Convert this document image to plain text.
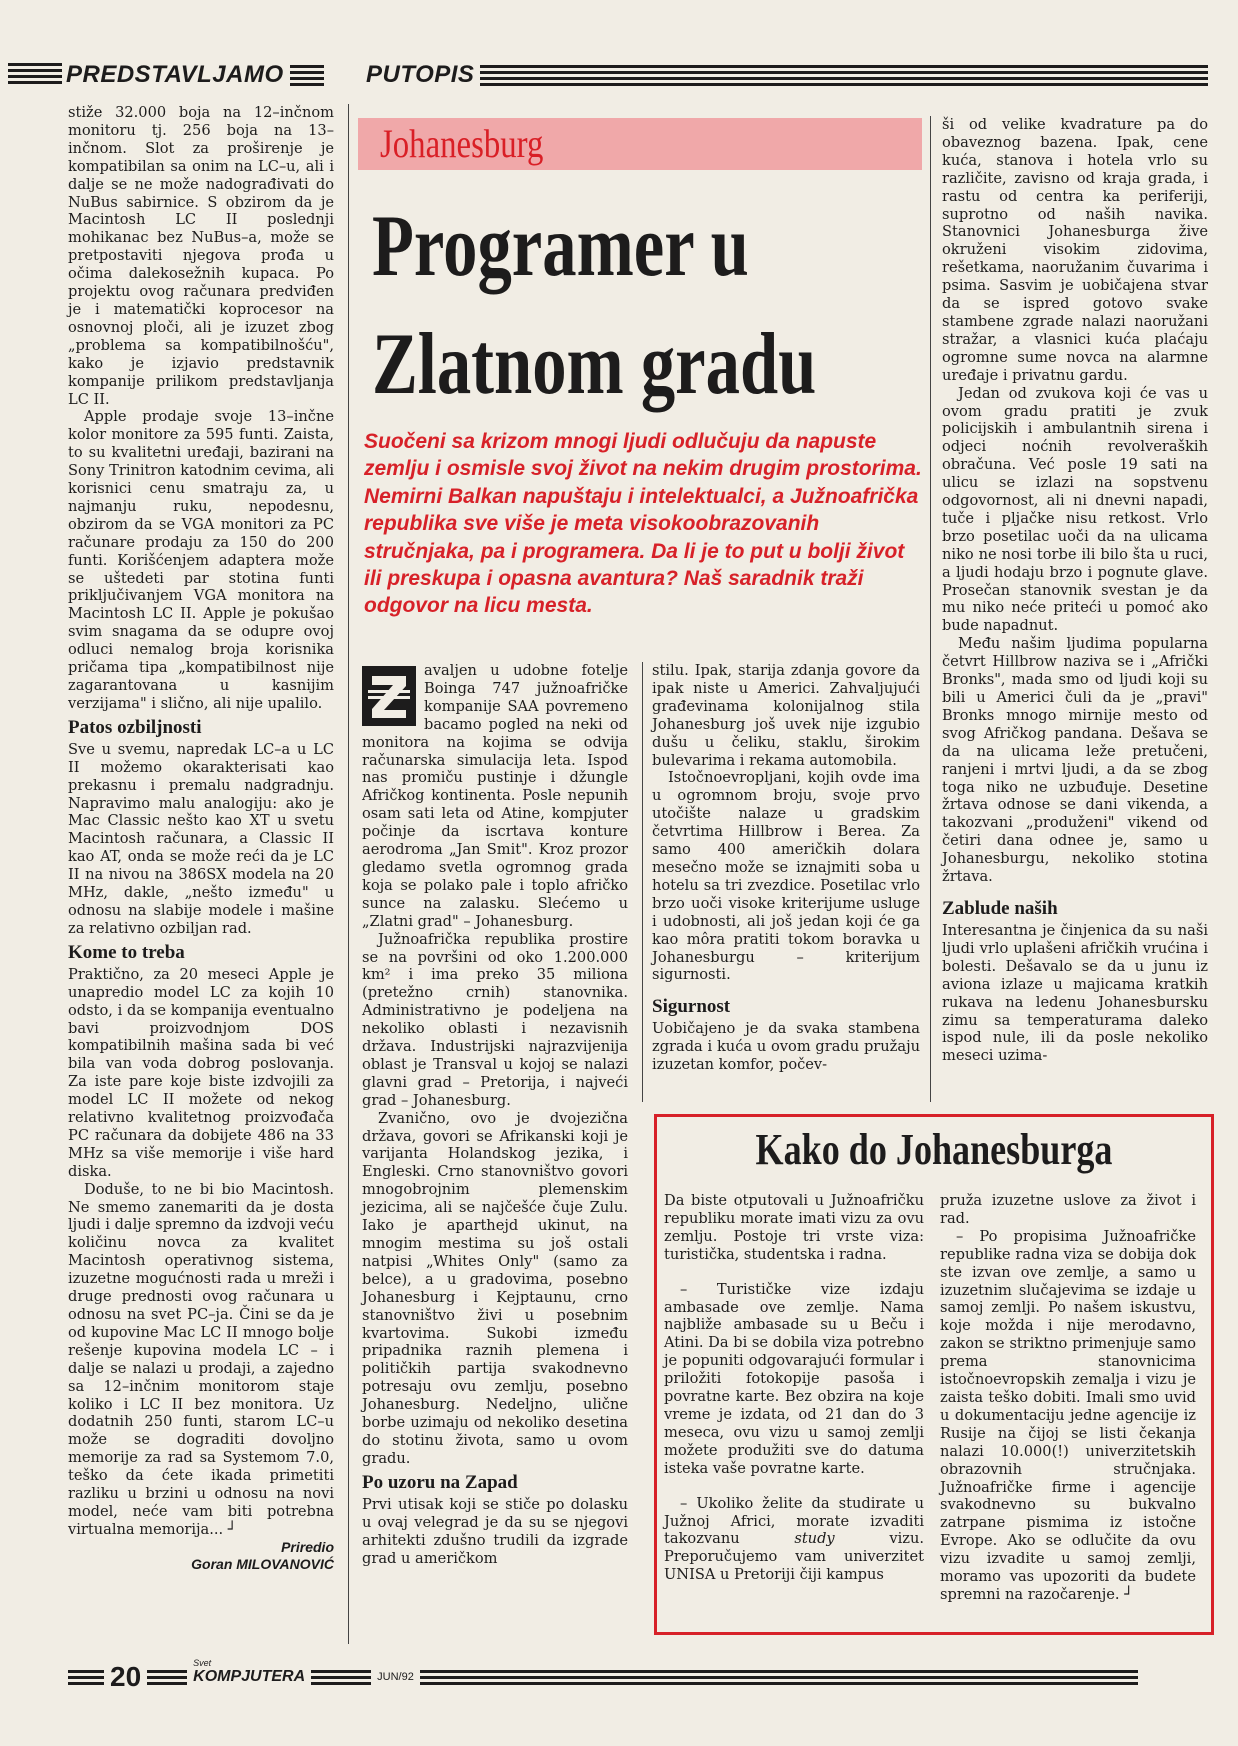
PREDSTAVLJAMO	PUTOPIS

stiže 32.000 boja na 12–inčnom monitoru tj. 256 boja na 13–inčnom. Slot za proširenje je kompatibilan sa onim na LC–u, ali i dalje se ne može nadograđivati do NuBus sabirnice. S obzirom da je Macintosh LC II poslednji mohikanac bez NuBus–a, može se pretpostaviti njegova prođa u očima dalekosežnih kupaca. Po projektu ovog računara predviđen je i matematički koprocesor na osnovnoj ploči, ali je izuzet zbog „problema sa kompatibilnošću", kako je izjavio predstavnik kompanije prilikom predstavljanja LC II.

Apple prodaje svoje 13–inčne kolor monitore za 595 funti. Zaista, to su kvalitetni uređaji, bazirani na Sony Trinitron katodnim cevima, ali korisnici cenu smatraju za, u najmanju ruku, nepodesnu, obzirom da se VGA monitori za PC računare prodaju za 150 do 200 funti. Korišćenjem adaptera može se uštedeti par stotina funti priključivanjem VGA monitora na Macintosh LC II. Apple je pokušao svim snagama da se odupre ovoj odluci nemalog broja korisnika pričama tipa „kompatibilnost nije zagarantovana u kasnijim verzijama" i slično, ali nije upalilo.

Patos ozbiljnosti

Sve u svemu, napredak LC–a u LC II možemo okarakterisati kao prekasnu i premalu nadgradnju. Napravimo malu analogiju: ako je Mac Classic nešto kao XT u svetu Macintosh računara, a Classic II kao AT, onda se može reći da je LC II na nivou na 386SX modela na 20 MHz, dakle, „nešto između" u odnosu na slabije modele i mašine za relativno ozbiljan rad.

Kome to treba

Praktično, za 20 meseci Apple je unapredio model LC za kojih 10 odsto, i da se kompanija eventualno bavi proizvodnjom DOS kompatibilnih mašina sada bi već bila van voda dobrog poslovanja. Za iste pare koje biste izdvojili za model LC II možete od nekog relativno kvalitetnog proizvođača PC računara da dobijete 486 na 33 MHz sa više memorije i više hard diska.

Doduše, to ne bi bio Macintosh. Ne smemo zanemariti da je dosta ljudi i dalje spremno da izdvoji veću količinu novca za kvalitet Macintosh operativnog sistema, izuzetne mogućnosti rada u mreži i druge prednosti ovog računara u odnosu na svet PC–ja. Čini se da je od kupovine Mac LC II mnogo bolje rešenje kupovina modela LC – i dalje se nalazi u prodaji, a zajedno sa 12–inčnim monitorom staje koliko i LC II bez monitora. Uz dodatnih 250 funti, starom LC–u može se dograditi dovoljno memorije za rad sa Systemom 7.0, teško da ćete ikada primetiti razliku u brzini u odnosu na novi model, neće vam biti potrebna virtualna memorija... ┘

Priredio
Goran MILOVANOVIĆ
Johanesburg
Programer u
Zlatnom gradu
Suočeni sa krizom mnogi ljudi odlučuju da napuste zemlju i osmisle svoj život na nekim drugim prostorima. Nemirni Balkan napuštaju i intelektualci, a Južnoafrička republika sve više je meta visokoobrazovanih stručnjaka, pa i programera. Da li je to put u bolji život ili preskupa i opasna avantura? Naš saradnik traži odgovor na licu mesta.

avaljen u udobne fotelje Boinga 747 južnoafričke kompanije SAA povremeno bacamo pogled na neki od monitora na kojima se odvija računarska simulacija leta. Ispod nas promiču pustinje i džungle Afričkog kontinenta. Posle nepunih osam sati leta od Atine, kompjuter počinje da iscrtava konture aerodroma „Jan Smit". Kroz prozor gledamo svetla ogromnog grada koja se polako pale i toplo afričko sunce na zalasku. Slećemo u „Zlatni grad" – Johanesburg.

Južnoafrička republika prostire se na površini od oko 1.200.000 km² i ima preko 35 miliona (pretežno crnih) stanovnika. Administrativno je podeljena na nekoliko oblasti i nezavisnih država. Industrijski najrazvijenija oblast je Transval u kojoj se nalazi glavni grad – Pretorija, i najveći grad – Johanesburg.

Zvanično, ovo je dvojezična država, govori se Afrikanski koji je varijanta Holandskog jezika, i Engleski. Crno stanovništvo govori mnogobrojnim plemenskim jezicima, ali se najčešće čuje Zulu. Iako je aparthejd ukinut, na mnogim mestima su još ostali natpisi „Whites Only" (samo za belce), a u gradovima, posebno Johanesburg i Kejptaunu, crno stanovništvo živi u posebnim kvartovima. Sukobi između pripadnika raznih plemena i političkih partija svakodnevno potresaju ovu zemlju, posebno Johanesburg. Nedeljno, ulične borbe uzimaju od nekoliko desetina do stotinu života, samo u ovom gradu.

Po uzoru na Zapad

Prvi utisak koji se stiče po dolasku u ovaj velegrad je da su se njegovi arhitekti zdušno trudili da izgrade grad u američkom

stilu. Ipak, starija zdanja govore da ipak niste u Americi. Zahvaljujući građevinama kolonijalnog stila Johanesburg još uvek nije izgubio dušu u čeliku, staklu, širokim bulevarima i rekama automobila.

Istočnoevropljani, kojih ovde ima u ogromnom broju, svoje prvo utočište nalaze u gradskim četvrtima Hillbrow i Berea. Za samo 400 američkih dolara mesečno može se iznajmiti soba u hotelu sa tri zvezdice. Posetilac vrlo brzo uoči visoke kriterijume usluge i udobnosti, ali još jedan koji će ga kao môra pratiti tokom boravka u Johanesburgu – kriterijum sigurnosti.

Sigurnost

Uobičajeno je da svaka stambena zgrada i kuća u ovom gradu pružaju izuzetan komfor, počev-

ši od velike kvadrature pa do obaveznog bazena. Ipak, cene kuća, stanova i hotela vrlo su različite, zavisno od kraja grada, i rastu od centra ka periferiji, suprotno od naših navika. Stanovnici Johanesburga žive okruženi visokim zidovima, rešetkama, naoružanim čuvarima i psima. Sasvim je uobičajena stvar da se ispred gotovo svake stambene zgrade nalazi naoružani stražar, a vlasnici kuća plaćaju ogromne sume novca na alarmne uređaje i privatnu gardu.

Jedan od zvukova koji će vas u ovom gradu pratiti je zvuk policijskih i ambulantnih sirena i odjeci noćnih revolveraških obračuna. Već posle 19 sati na ulicu se izlazi na sopstvenu odgovornost, ali ni dnevni napadi, tuče i pljačke nisu retkost. Vrlo brzo posetilac uoči da na ulicama niko ne nosi torbe ili bilo šta u ruci, a ljudi hodaju brzo i pognute glave. Prosečan stanovnik svestan je da mu niko neće priteći u pomoć ako bude napadnut.

Među našim ljudima popularna četvrt Hillbrow naziva se i „Afrički Bronks", mada smo od ljudi koji su bili u Americi čuli da je „pravi" Bronks mnogo mirnije mesto od svog Afričkog pandana. Dešava se da na ulicama leže pretučeni, ranjeni i mrtvi ljudi, a da se zbog toga niko ne uzbuđuje. Desetine žrtava odnose se dani vikenda, a takozvani „produženi" vikend od četiri dana odnee je, samo u Johanesburgu, nekoliko stotina žrtava.

Zablude naših

Interesantna je činjenica da su naši ljudi vrlo uplašeni afričkih vrućina i bolesti. Dešavalo se da u junu iz aviona izlaze u majicama kratkih rukava na ledenu Johanesbursku zimu sa temperaturama daleko ispod nule, ili da posle nekoliko meseci uzima-

Kako do Johanesburga

Da biste otputovali u Južnoafričku republiku morate imati vizu za ovu zemlju. Postoje tri vrste viza: turistička, studentska i radna.

– Turističke vize izdaju ambasade ove zemlje. Nama najbliže ambasade su u Beču i Atini. Da bi se dobila viza potrebno je popuniti odgovarajući formular i priložiti fotokopije pasoša i povratne karte. Bez obzira na koje vreme je izdata, od 21 dan do 3 meseca, ovu vizu u samoj zemlji možete produžiti sve do datuma isteka vaše povratne karte.

– Ukoliko želite da studirate u Južnoj Africi, morate izvaditi takozvanu study vizu. Preporučujemo vam univerzitet UNISA u Pretoriji čiji kampus

pruža izuzetne uslove za život i rad.

– Po propisima Južnoafričke republike radna viza se dobija dok ste izvan ove zemlje, a samo u izuzetnim slučajevima se izdaje u samoj zemlji. Po našem iskustvu, koje možda i nije merodavno, zakon se striktno primenjuje samo prema stanovnicima istočnoevropskih zemalja i vizu je zaista teško dobiti. Imali smo uvid u dokumentaciju jedne agencije iz Rusije na čijoj se listi čekanja nalazi 10.000(!) univerzitetskih obrazovnih stručnjaka. Južnoafričke firme i agencije svakodnevno su bukvalno zatrpane pismima iz istočne Evrope. Ako se odlučite da ovu vizu izvadite u samoj zemlji, moramo vas upozoriti da budete spremni na razočarenje. ┘

20	Svet
KOMPJUTERA	JUN/92
